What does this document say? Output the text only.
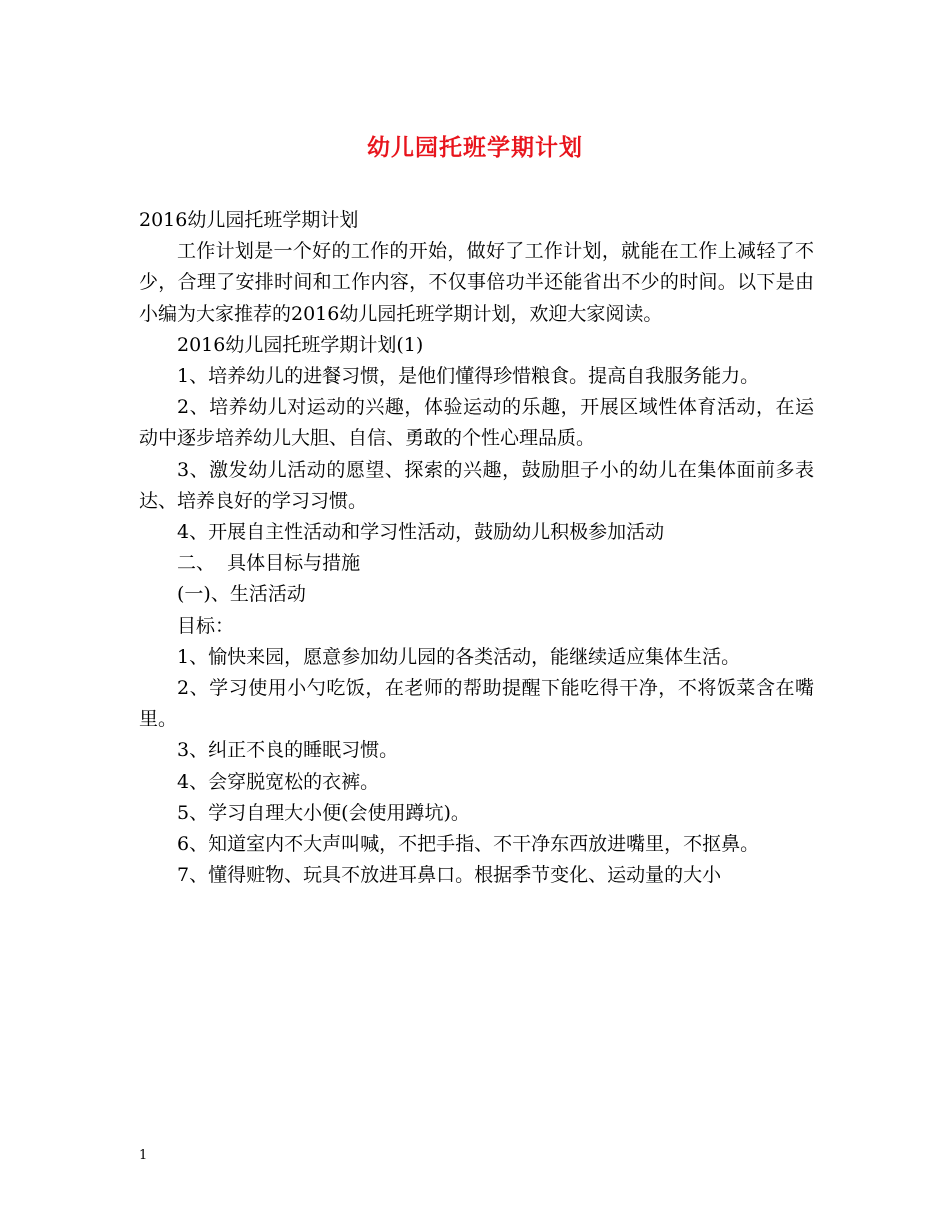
幼儿园托班学期计划

2016幼儿园托班学期计划

工作计划是一个好的工作的开始，做好了工作计划，就能在工作上减轻了不少，合理了安排时间和工作内容，不仅事倍功半还能省出不少的时间。以下是由小编为大家推荐的2016幼儿园托班学期计划，欢迎大家阅读。

2016幼儿园托班学期计划(1)

1、培养幼儿的进餐习惯，是他们懂得珍惜粮食。提高自我服务能力。

2、培养幼儿对运动的兴趣，体验运动的乐趣，开展区域性体育活动，在运动中逐步培养幼儿大胆、自信、勇敢的个性心理品质。

3、激发幼儿活动的愿望、探索的兴趣，鼓励胆子小的幼儿在集体面前多表达、培养良好的学习习惯。

4、开展自主性活动和学习性活动，鼓励幼儿积极参加活动

二、  具体目标与措施

(一)、生活活动

目标：

1、愉快来园，愿意参加幼儿园的各类活动，能继续适应集体生活。

2、学习使用小勺吃饭，在老师的帮助提醒下能吃得干净，不将饭菜含在嘴里。

3、纠正不良的睡眠习惯。

4、会穿脱宽松的衣裤。

5、学习自理大小便(会使用蹲坑)。

6、知道室内不大声叫喊，不把手指、不干净东西放进嘴里，不抠鼻。

7、懂得赃物、玩具不放进耳鼻口。根据季节变化、运动量的大小

1
